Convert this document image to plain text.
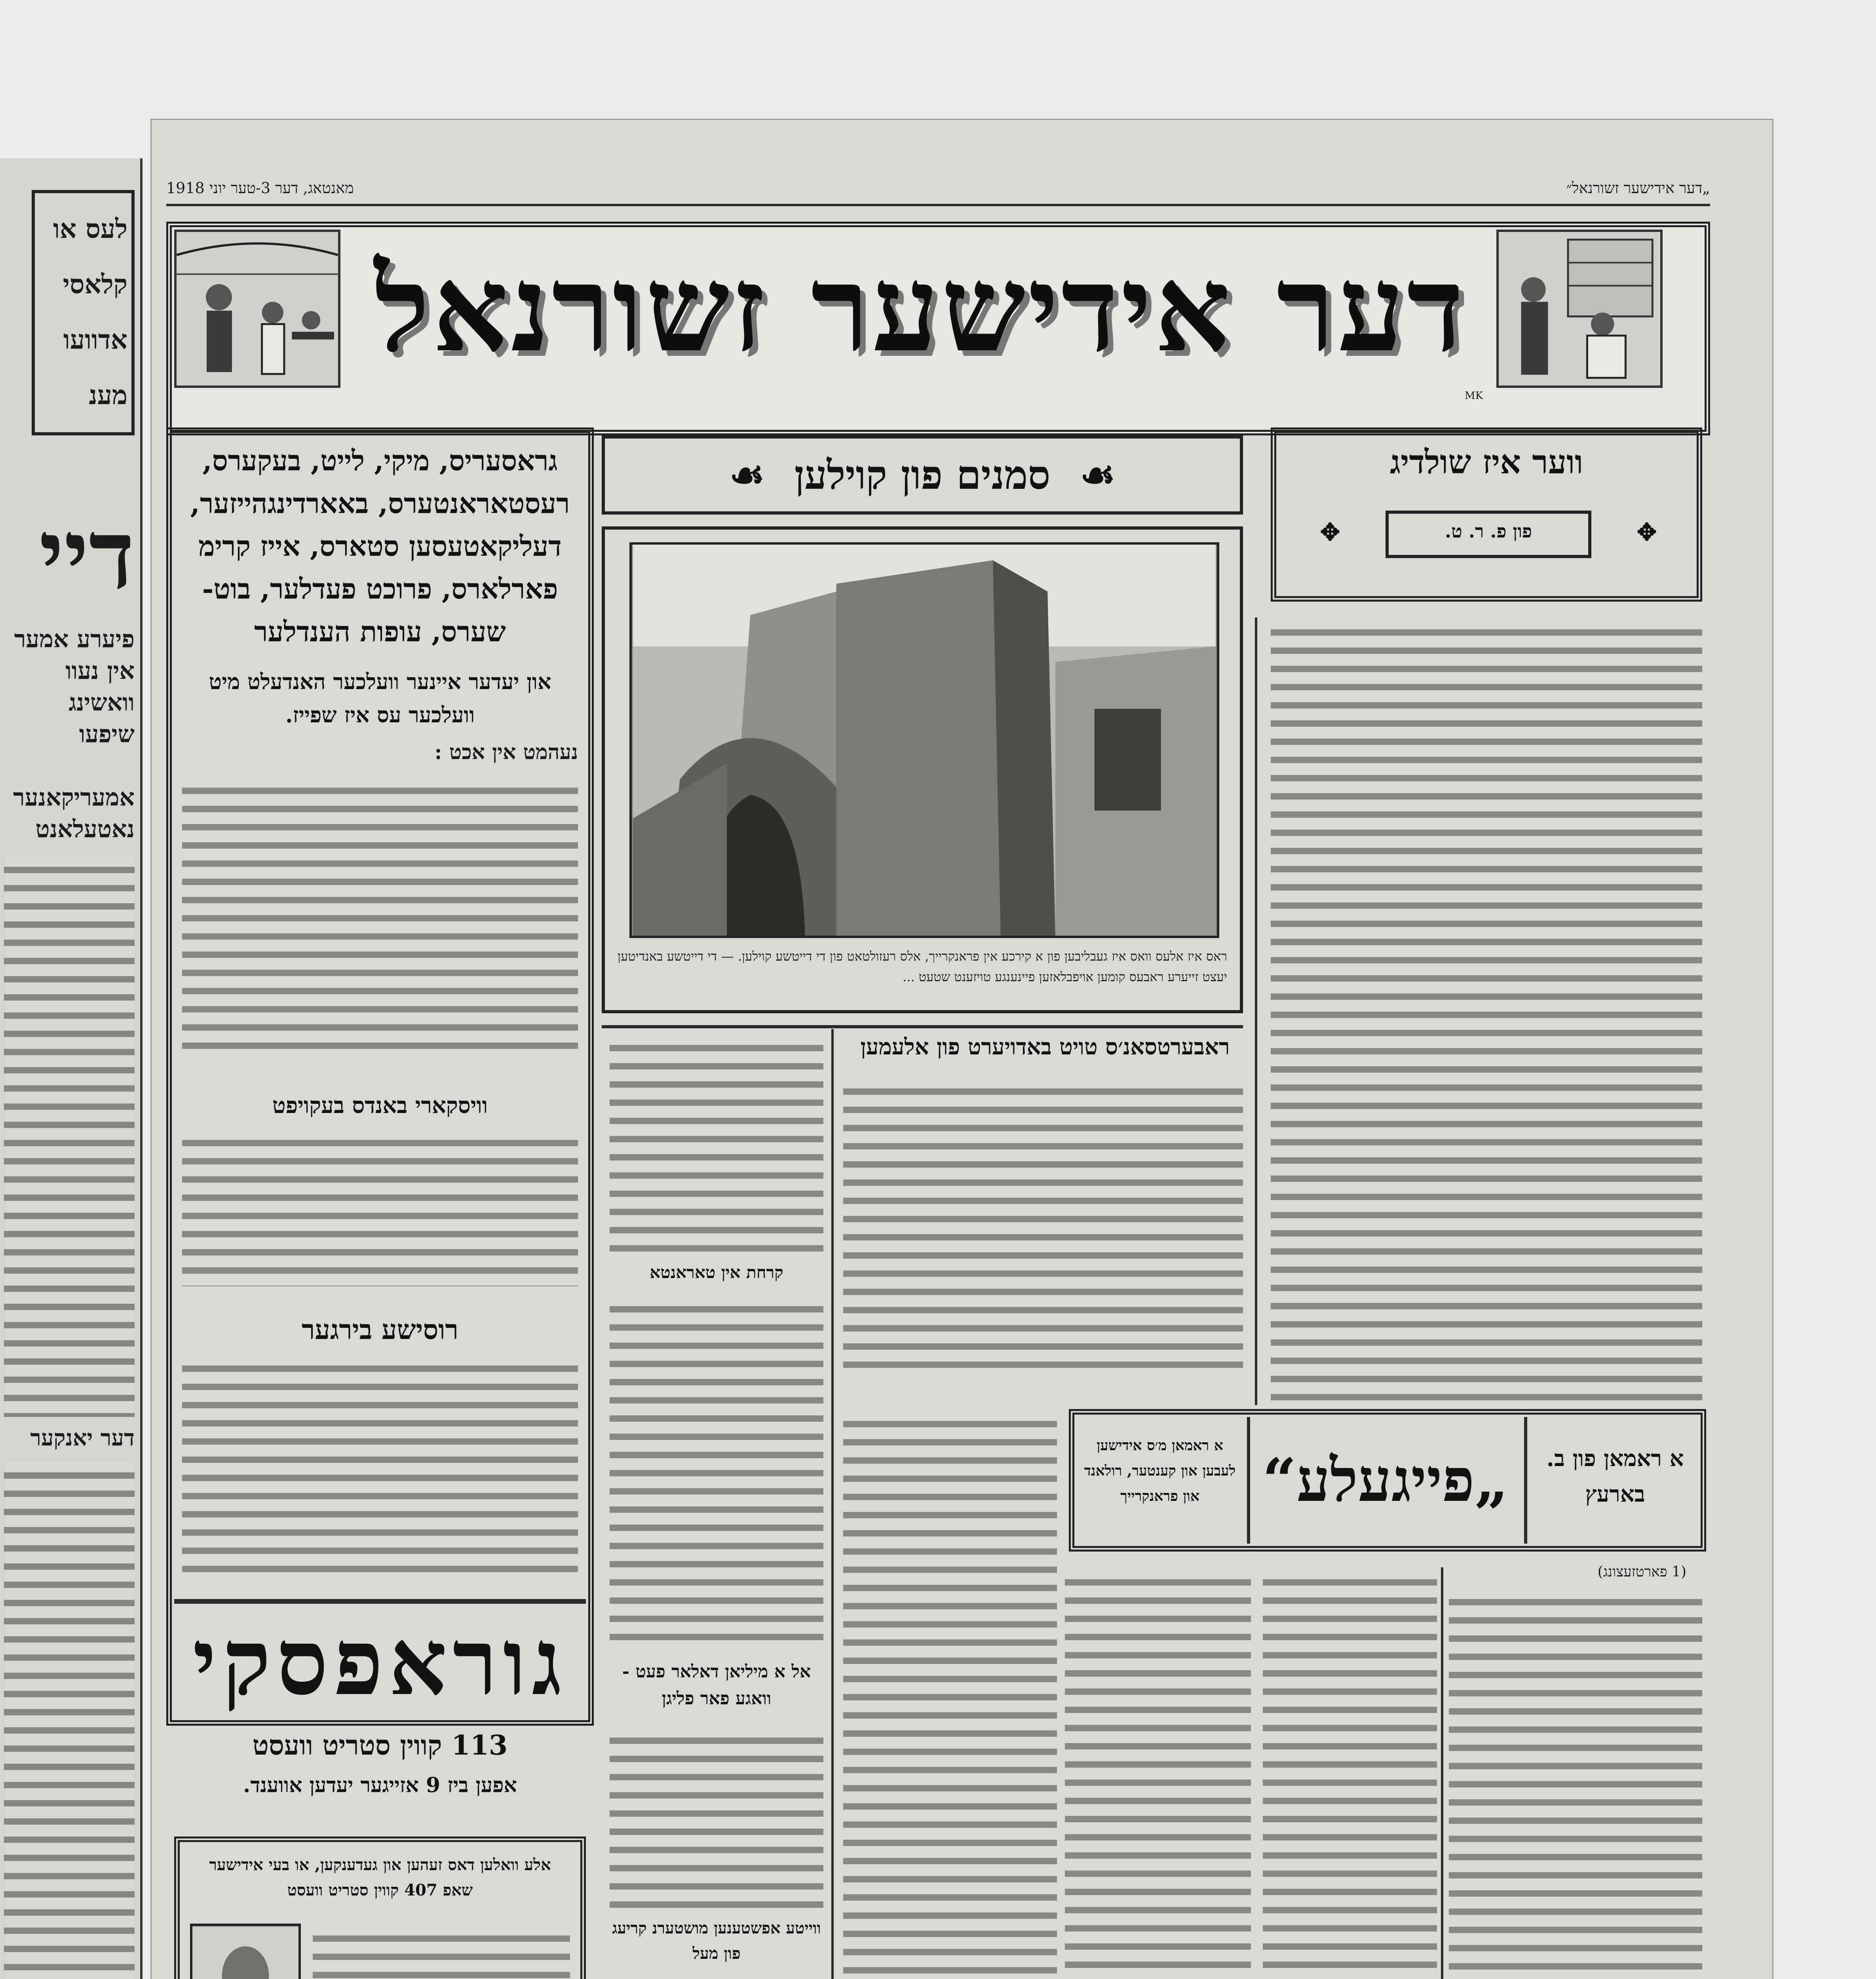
לעס או
קלאסי
אדוועו
מענ
דיי
פיערע אמער
אין נעוו
וואשינג
שיפעו
אמעריקאנער
נאטעלאנט
דער יאנקער
מאנטאג, דער 3-טער יוני 1918	„דער אידישער זשורנאל״
דער אידישער זשורנאל
MK
גראסעריס, מיקי, לייט, בעקערס,
רעסטאראנטערס, באארדינגהייזער,
דעליקאטעסען סטארס, אייז קרימ
פארלארס, פרוכט פעדלער, בוט-
שערס, עופות הענדלער
און יעדער איינער וועלכער האנדעלט מיט
וועלכער עס איז שפייז.
נעהמט אין אכט :
וויסקארי באנדס בעקויפט
רוסישע בירגער
גוראפסקי
113 קווין סטריט וועסט
אפען ביז 9 אזייגער יעדען אווענד.
אלע וואלען דאס זעהען און געדענקען, או בעי אידישער
שאפ 407 קווין סטריט וועסט
☙ סמנים פון קוילען ☙
ראס איז אלעס וואס איז געבליבען פון א קירכע אין פראנקרייך, אלס רעזולטאט פון די דייטשע קוילען. — די דייטשע באנדיטען יעצט זייערע ראבעס קומען אויפבלאזען פיינענגע טויזענט שטעט ...
ווער איז שולדיג
פון פ. ר. ט.
✥	✥
ראבערטסאנ׳ס טויט באדויערט פון אלעמען
קרחת אין טאראנטא
אל א מיליאן דאלאר פעט - וואגע פאר פליגן
ווייטע אפשטענען מושטערנ קריעג פון מעל
„פייגעלע“	א ראמאן פון ב. בארעץ
א ראמאן מ׳ס אידישען לעבען און קענטער, רולאנד און פראנקרייך
(1 פארטזעצונג)
